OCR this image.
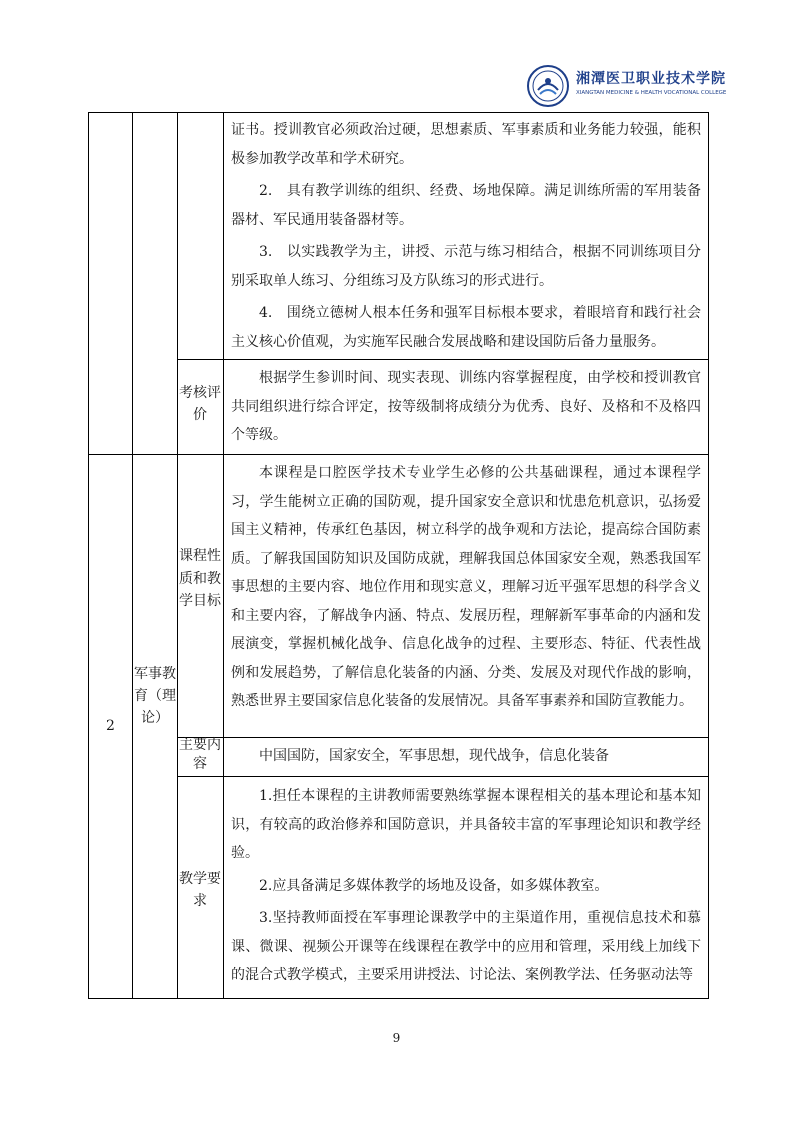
湘潭医卫职业技术学院
XIANGTAN MEDICINE & HEALTH VOCATIONAL COLLEGE

证书。授训教官必须政治过硬，思想素质、军事素质和业务能力较强，能积极参加教学改革和学术研究。

2.　具有教学训练的组织、经费、场地保障。满足训练所需的军用装备器材、军民通用装备器材等。

3.　以实践教学为主，讲授、示范与练习相结合，根据不同训练项目分别采取单人练习、分组练习及方队练习的形式进行。

4.　围绕立德树人根本任务和强军目标根本要求，着眼培育和践行社会主义核心价值观，为实施军民融合发展战略和建设国防后备力量服务。

考核评价

根据学生参训时间、现实表现、训练内容掌握程度，由学校和授训教官共同组织进行综合评定，按等级制将成绩分为优秀、良好、及格和不及格四个等级。

2
军事教育（理论）
课程性质和教学目标

本课程是口腔医学技术专业学生必修的公共基础课程，通过本课程学习，学生能树立正确的国防观，提升国家安全意识和忧患危机意识，弘扬爱国主义精神，传承红色基因，树立科学的战争观和方法论，提高综合国防素质。了解我国国防知识及国防成就，理解我国总体国家安全观，熟悉我国军事思想的主要内容、地位作用和现实意义，理解习近平强军思想的科学含义和主要内容，了解战争内涵、特点、发展历程，理解新军事革命的内涵和发展演变，掌握机械化战争、信息化战争的过程、主要形态、特征、代表性战例和发展趋势，了解信息化装备的内涵、分类、发展及对现代作战的影响，熟悉世界主要国家信息化装备的发展情况。具备军事素养和国防宣教能力。

主要内容	中国国防，国家安全，军事思想，现代战争，信息化装备

教学要求

1.担任本课程的主讲教师需要熟练掌握本课程相关的基本理论和基本知识，有较高的政治修养和国防意识，并具备较丰富的军事理论知识和教学经验。

2.应具备满足多媒体教学的场地及设备，如多媒体教室。

3.坚持教师面授在军事理论课教学中的主渠道作用，重视信息技术和慕课、微课、视频公开课等在线课程在教学中的应用和管理，采用线上加线下的混合式教学模式，主要采用讲授法、讨论法、案例教学法、任务驱动法等

9
